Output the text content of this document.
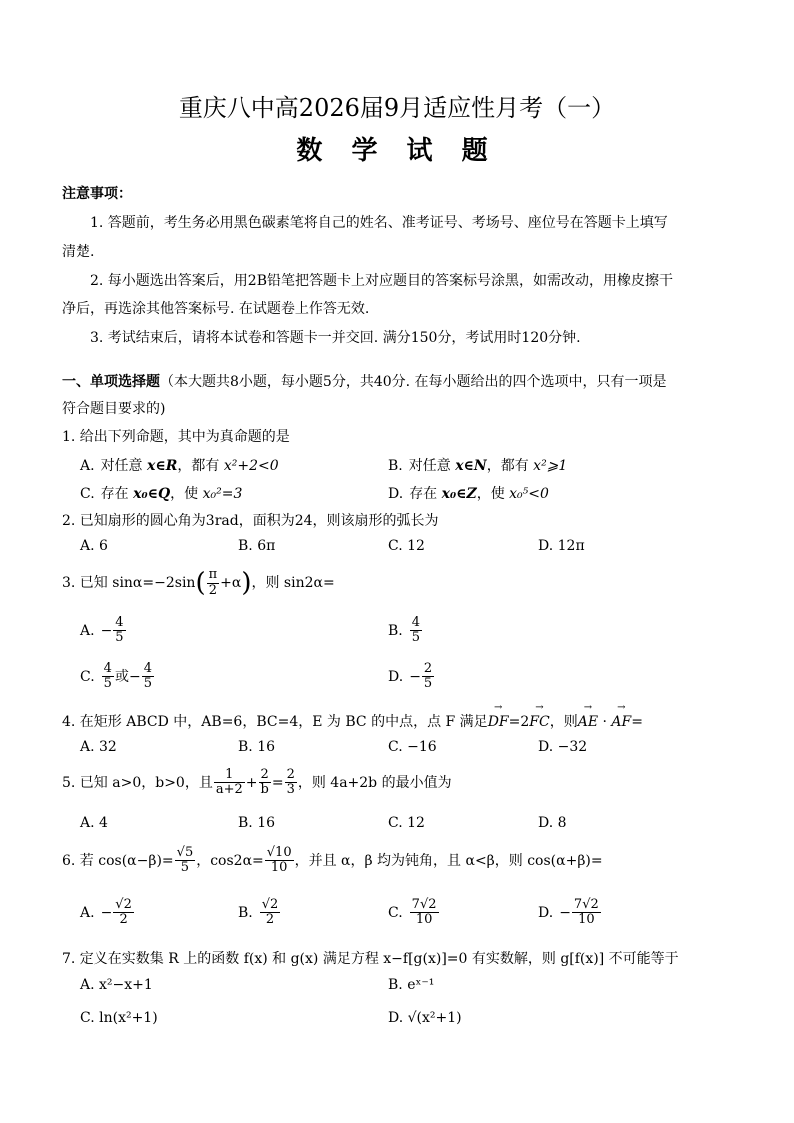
重庆八中高2026届9月适应性月考（一）
数 学 试 题
注意事项：
1. 答题前，考生务必用黑色碳素笔将自己的姓名、准考证号、考场号、座位号在答题卡上填写
清楚.
2. 每小题选出答案后，用2B铅笔把答题卡上对应题目的答案标号涂黑，如需改动，用橡皮擦干
净后，再选涂其他答案标号. 在试题卷上作答无效.
3. 考试结束后，请将本试卷和答题卡一并交回. 满分150分，考试用时120分钟.
一、单项选择题（本大题共8小题，每小题5分，共40分. 在每小题给出的四个选项中，只有一项是
符合题目要求的)
1. 给出下列命题，其中为真命题的是
A. 对任意 x∈R，都有 x²+2<0	B. 对任意 x∈N，都有 x²⩾1
C. 存在 x₀∈Q，使 x₀²=3	D. 存在 x₀∈Z，使 x₀⁵<0
2. 已知扇形的圆心角为3rad，面积为24，则该扇形的弧长为
A. 6	B. 6π	C. 12	D. 12π
3. 已知 $\sin\alpha=-2\sin( \frac{\pi}{2} +\alpha)$，则 sin2α=
A. − $\frac{4}{5}$	B. $\frac{4}{5}$
C. $\frac{4}{5}$ 或− $\frac{4}{5}$	D. − $\frac{2}{5}$
4. 在矩形 ABCD 中，AB=6，BC=4，E 为 BC 的中点，点 F 满足→ DF=2→ FC，则→ AE · → AF=
A. 32	B. 16	C. −16	D. −32
5. 已知 a>0，b>0，且 $\frac{1}{a+2} + \frac{2}{b} = \frac{2}{3}$ ，则 4a+2b 的最小值为
A. 4	B. 16	C. 12	D. 8
6. 若 $\cos(\alpha-\beta)= \frac{√5}{5}$ ，$\cos 2\alpha= \frac{√10}{10}$ ，并且 α，β 均为钝角，且 α<β，则 cos(α+β)=
A. − $\frac{√2}{2}$	B. $\frac{√2}{2}$	C. $\frac{7√2}{10}$	D. − $\frac{7√2}{10}$
7. 定义在实数集 R 上的函数 f(x) 和 g(x) 满足方程 x−f[g(x)]=0 有实数解，则 g[f(x)] 不可能等于
A. x²−x+1	B. eˣ⁻¹
C. ln(x²+1)	D. √(x²+1)
